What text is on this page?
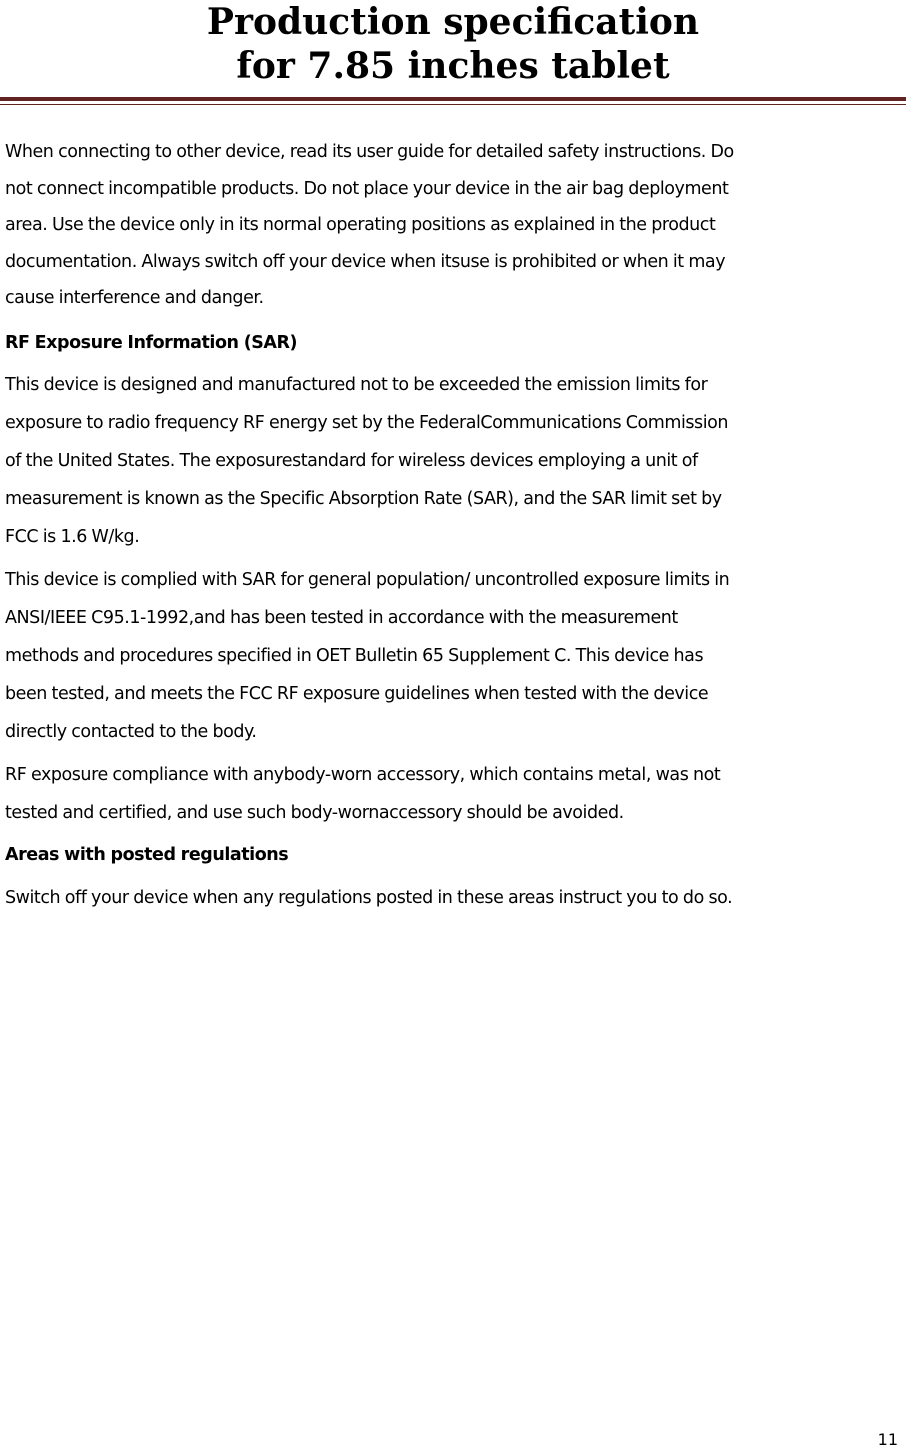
Production specification
for 7.85 inches tablet

When connecting to other device, read its user guide for detailed safety instructions. Do
not connect incompatible products. Do not place your device in the air bag deployment
area. Use the device only in its normal operating positions as explained in the product
documentation. Always switch off your device when itsuse is prohibited or when it may
cause interference and danger.

RF Exposure Information (SAR)

This device is designed and manufactured not to be exceeded the emission limits for
exposure to radio frequency RF energy set by the FederalCommunications Commission
of the United States. The exposurestandard for wireless devices employing a unit of
measurement is known as the Specific Absorption Rate (SAR), and the SAR limit set by
FCC is 1.6 W/kg.

This device is complied with SAR for general population/ uncontrolled exposure limits in
ANSI/IEEE C95.1-1992,and has been tested in accordance with the measurement
methods and procedures specified in OET Bulletin 65 Supplement C. This device has
been tested, and meets the FCC RF exposure guidelines when tested with the device
directly contacted to the body.

RF exposure compliance with anybody-worn accessory, which contains metal, was not
tested and certified, and use such body-wornaccessory should be avoided.

Areas with posted regulations

Switch off your device when any regulations posted in these areas instruct you to do so.

11
